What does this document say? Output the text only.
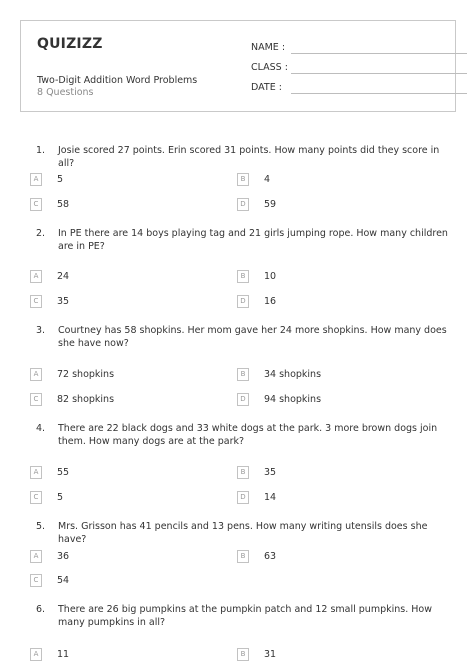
QUIZIZZ
Two-Digit Addition Word Problems
8 Questions
NAME :
CLASS :
DATE :
1. Josie scored 27 points. Erin scored 31 points. How many points did they score in all?
A	5	B	4
C	58	D	59
2. In PE there are 14 boys playing tag and 21 girls jumping rope. How many children are in PE?
A	24	B	10
C	35	D	16
3. Courtney has 58 shopkins. Her mom gave her 24 more shopkins. How many does she have now?
A	72 shopkins	B	34 shopkins
C	82 shopkins	D	94 shopkins
4. There are 22 black dogs and 33 white dogs at the park. 3 more brown dogs join them. How many dogs are at the park?
A	55	B	35
C	5	D	14
5. Mrs. Grisson has 41 pencils and 13 pens. How many writing utensils does she have?
A	36	B	63
C	54
6. There are 26 big pumpkins at the pumpkin patch and 12 small pumpkins. How many pumpkins in all?
A	11	B	31
